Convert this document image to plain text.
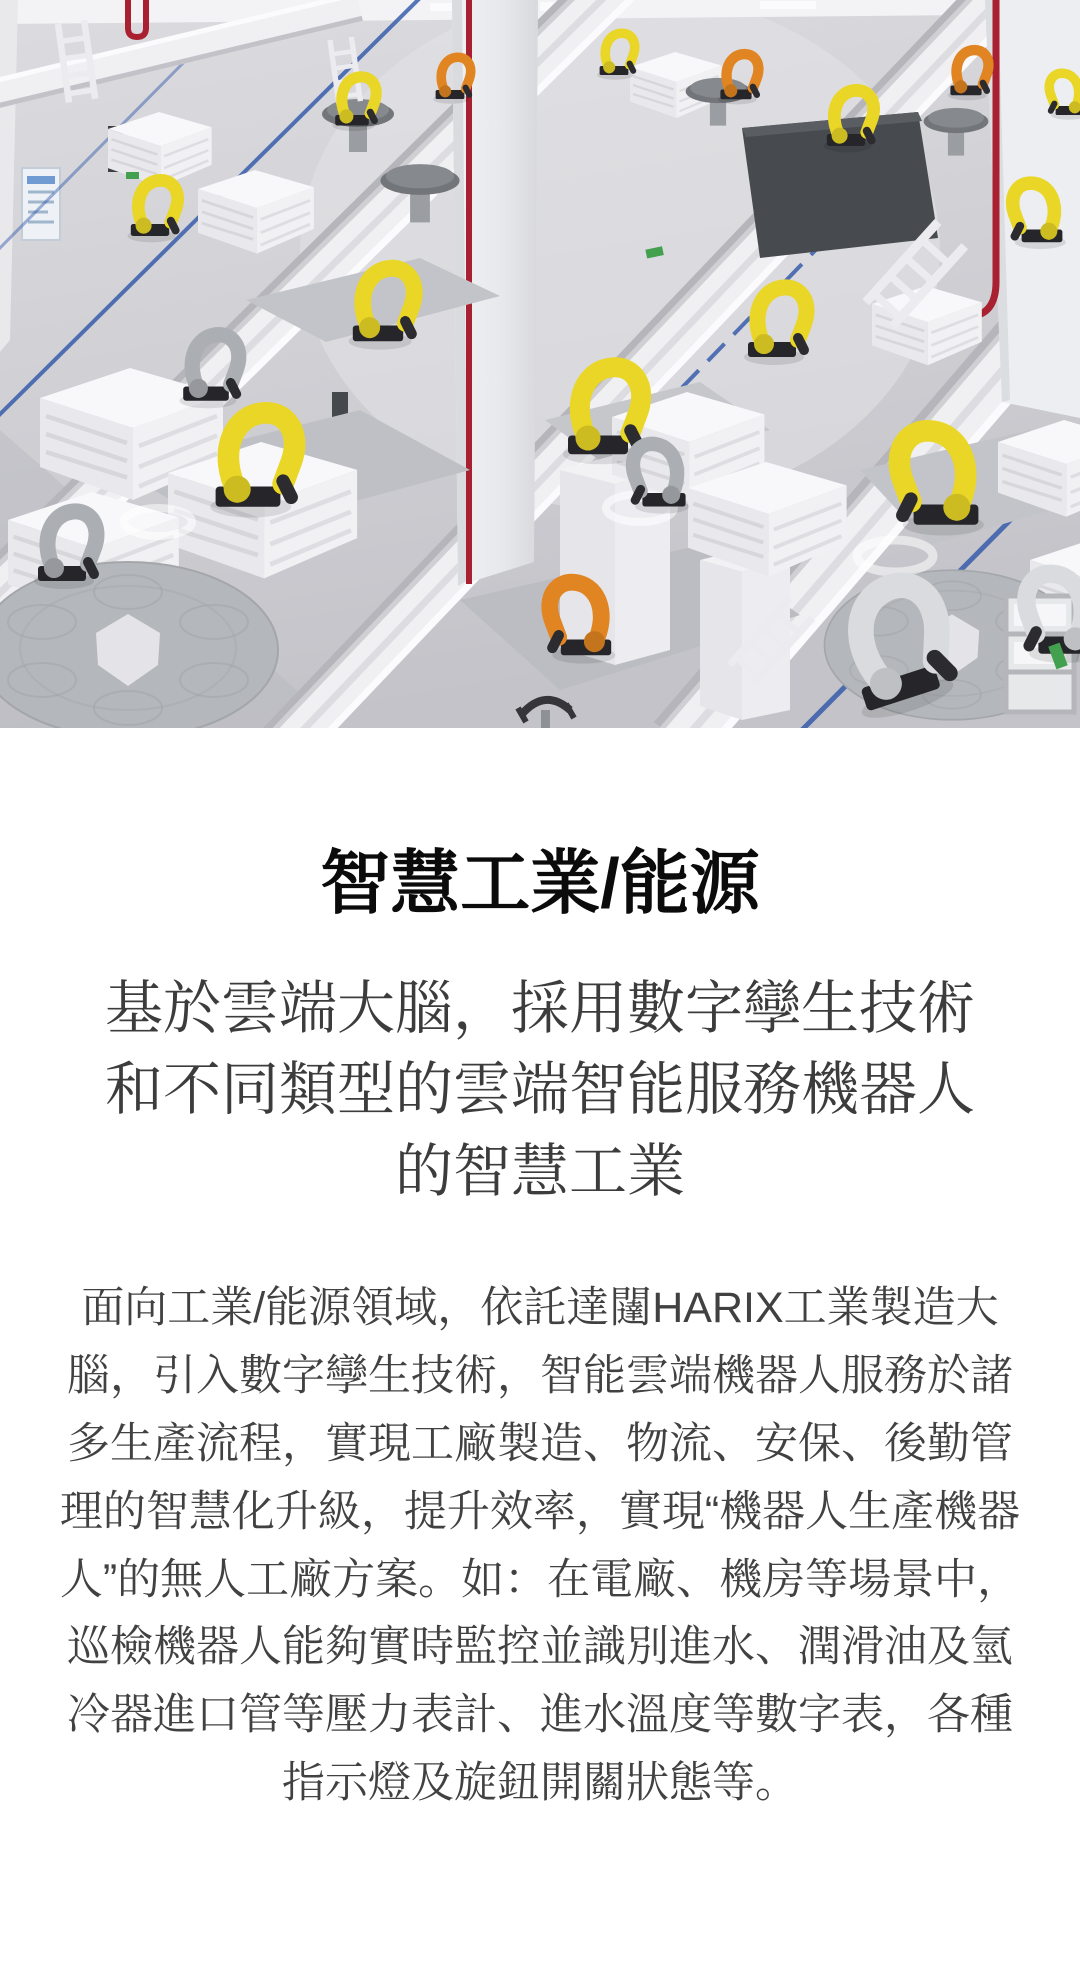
智慧工業/能源
基於雲端大腦，採用數字孿生技術和不同類型的雲端智能服務機器人的智慧工業

面向工業/能源領域，依託達闥HARIX工業製造大腦，引入數字孿生技術，智能雲端機器人服務於諸多生產流程，實現工廠製造、物流、安保、後勤管理的智慧化升級，提升效率，實現“機器人生產機器人”的無人工廠方案。如：在電廠、機房等場景中，巡檢機器人能夠實時監控並識別進水、潤滑油及氫冷器進口管等壓力表計、進水溫度等數字表，各種指示燈及旋鈕開關狀態等。
